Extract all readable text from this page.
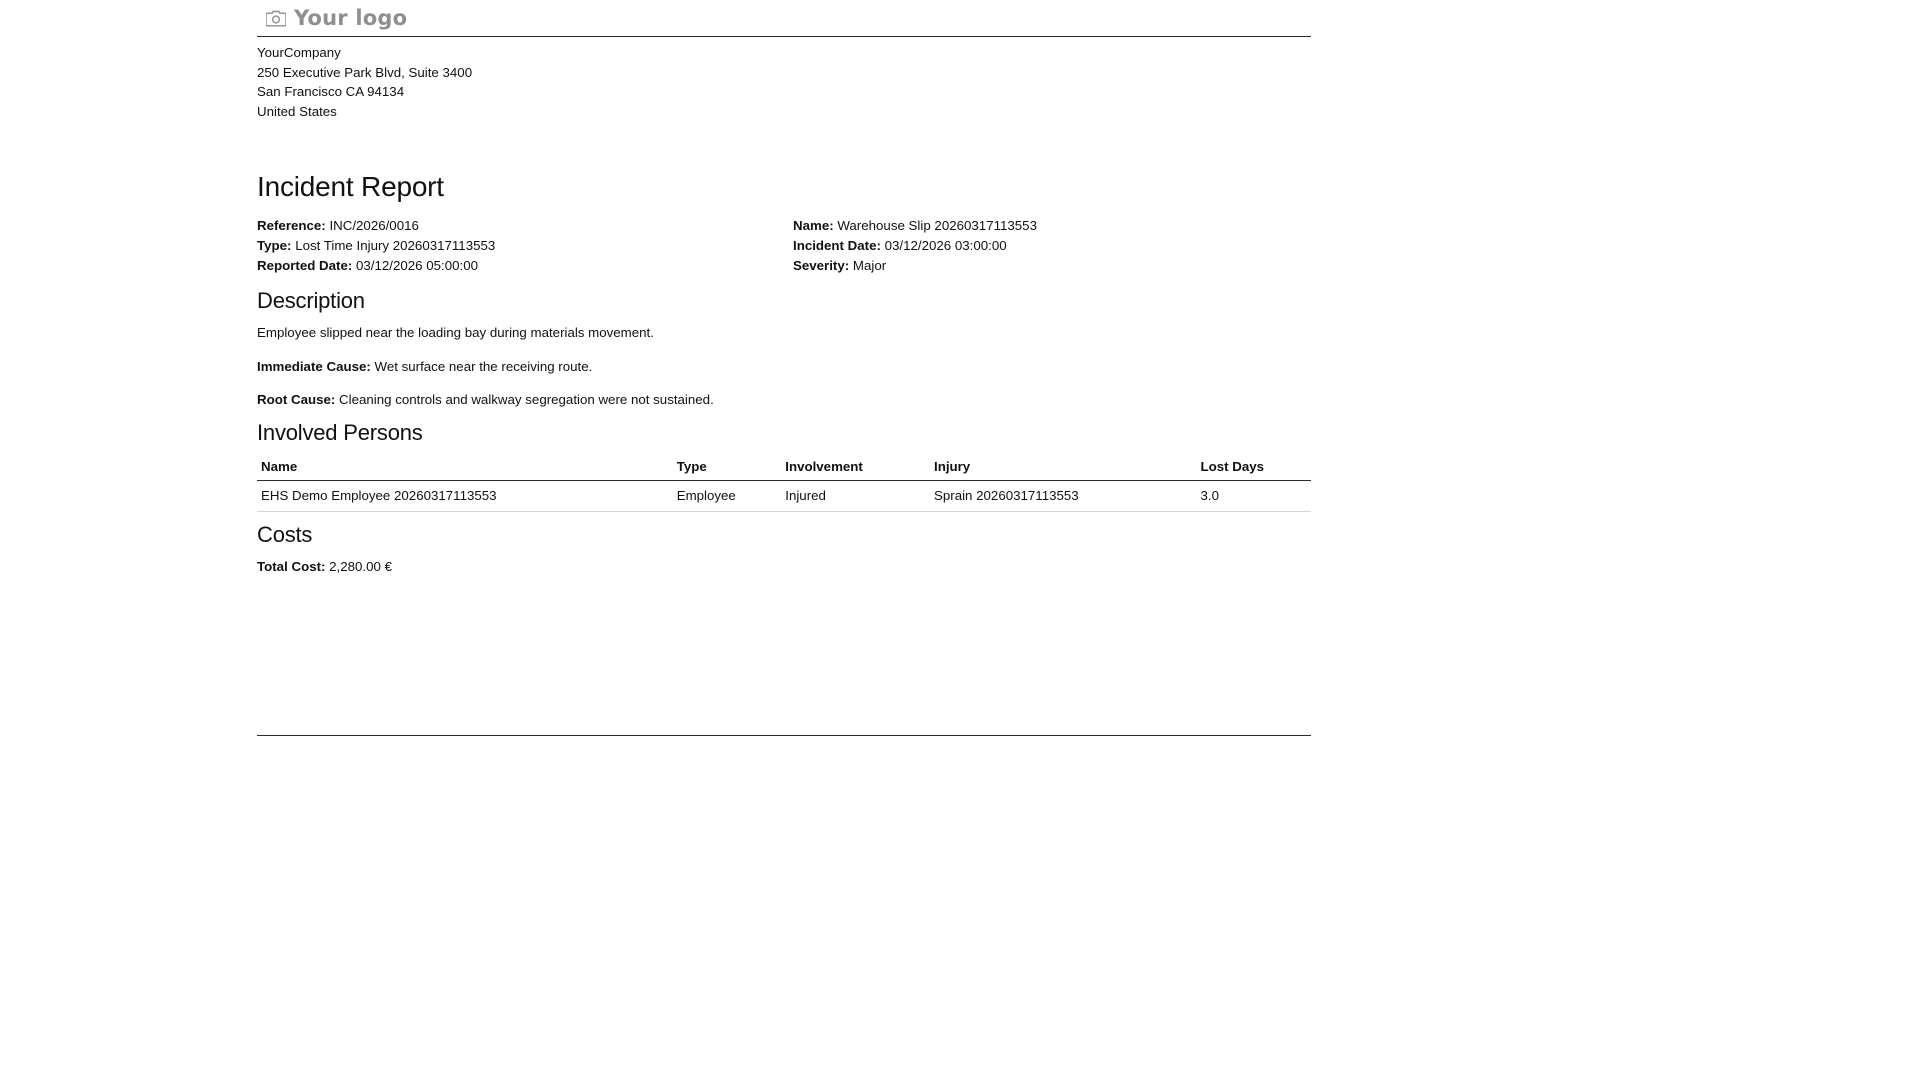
Your logo
YourCompany
250 Executive Park Blvd, Suite 3400
San Francisco CA 94134
United States
Incident Report
Reference: INC/2026/0016
Type: Lost Time Injury 20260317113553
Reported Date: 03/12/2026 05:00:00
Name: Warehouse Slip 20260317113553
Incident Date: 03/12/2026 03:00:00
Severity: Major
Description

Employee slipped near the loading bay during materials movement.

Immediate Cause: Wet surface near the receiving route.

Root Cause: Cleaning controls and walkway segregation were not sustained.

Involved Persons
Name	Type	Involvement	Injury	Lost Days
EHS Demo Employee 20260317113553	Employee	Injured	Sprain 20260317113553	3.0
Costs
Total Cost: 2,280.00 €
